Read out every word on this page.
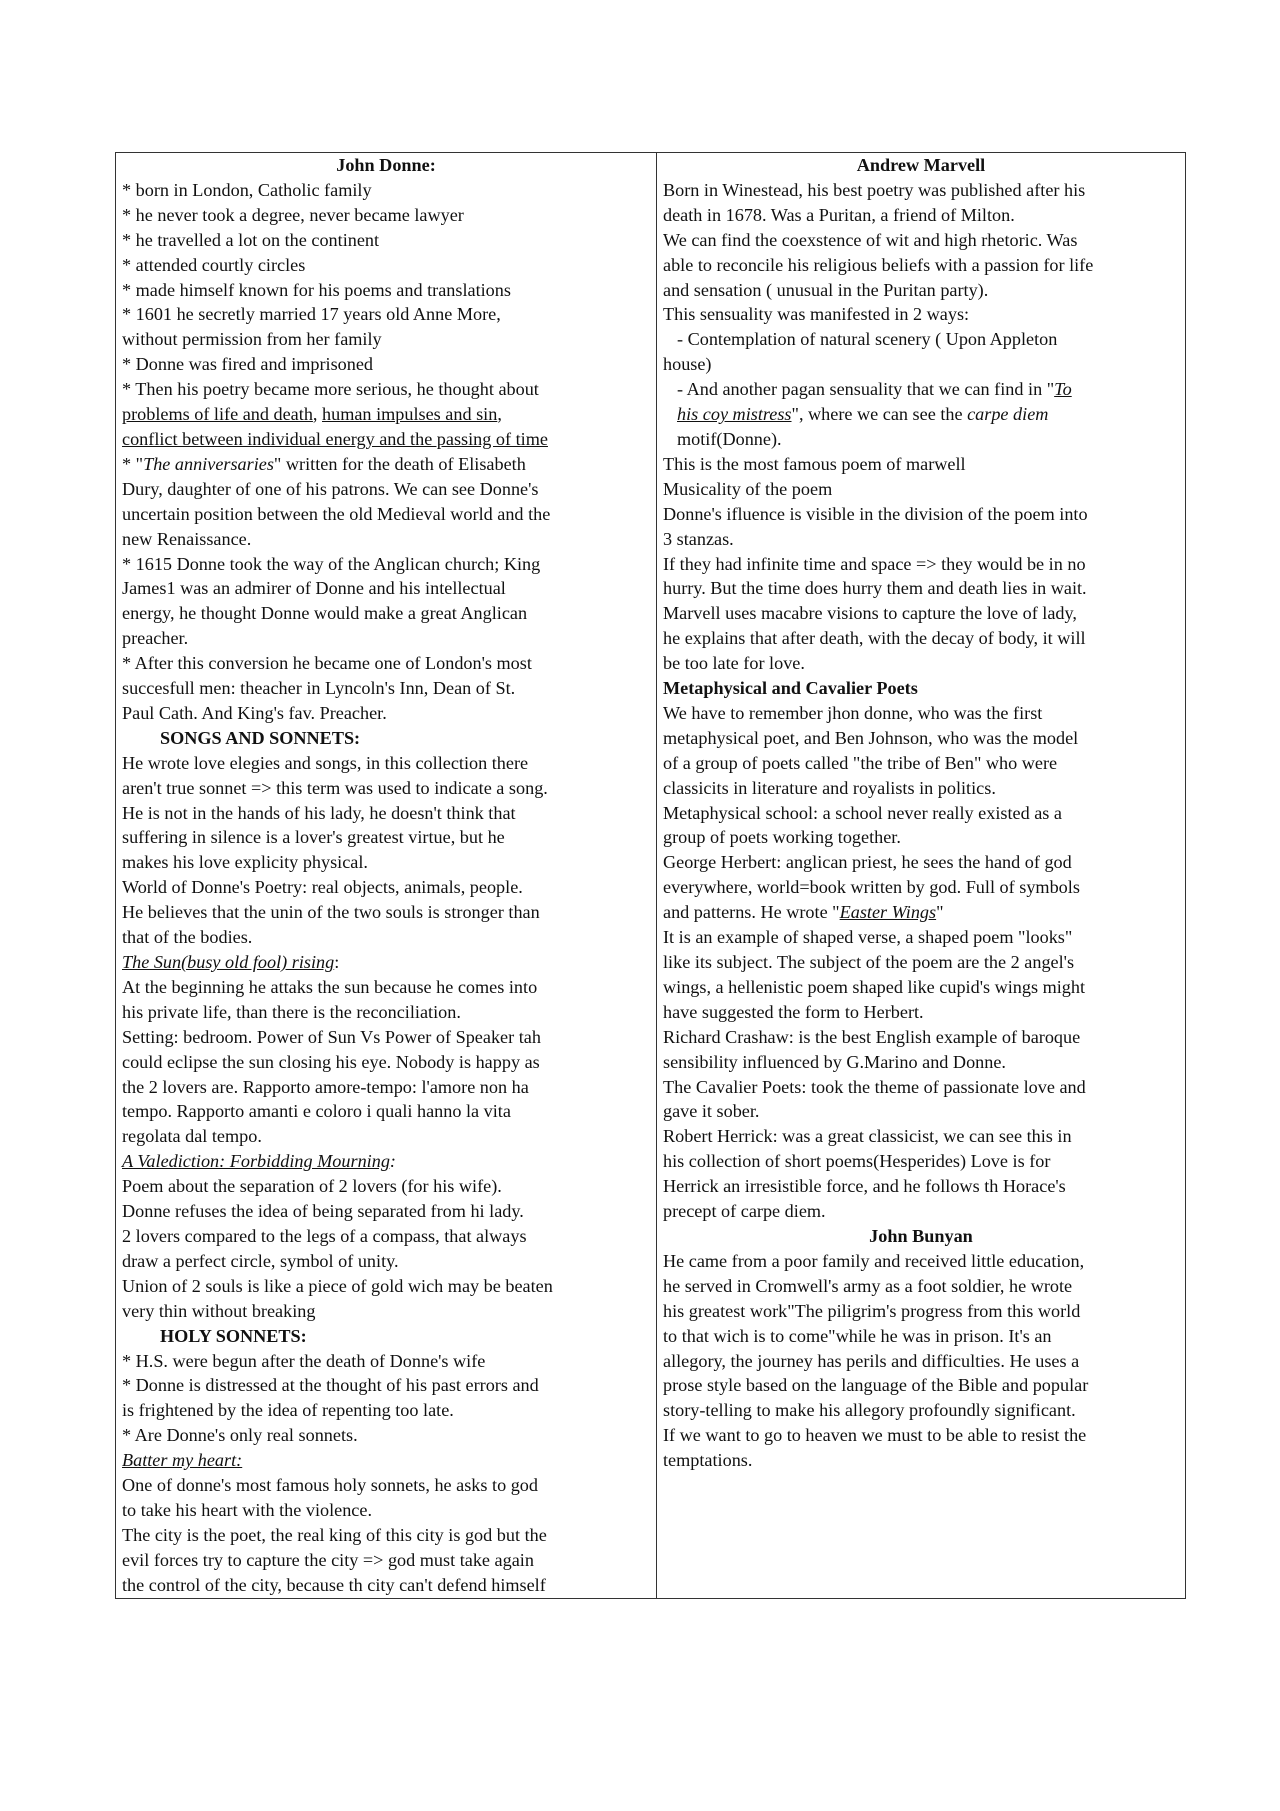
John Donne:
* born in London, Catholic family
* he never took a degree, never became lawyer
* he travelled a lot on the continent
* attended courtly circles
* made himself known for his poems and translations
* 1601 he secretly married 17 years old Anne More,
without permission from her family
* Donne was fired and imprisoned
* Then his poetry became more serious, he thought about
problems of life and death, human impulses and sin,
conflict between individual energy and the passing of time
* "The anniversaries" written for the death of Elisabeth
Dury, daughter of one of his patrons. We can see Donne's
uncertain position between the old Medieval world and the
new Renaissance.
* 1615 Donne took the way of the Anglican church; King
James1 was an admirer of Donne and his intellectual
energy, he thought Donne would make a great Anglican
preacher.
* After this conversion he became one of London's most
succesfull men: theacher in Lyncoln's Inn, Dean of St.
Paul Cath. And King's fav. Preacher.
SONGS AND SONNETS:
He wrote love elegies and songs, in this collection there
aren't true sonnet => this term was used to indicate a song.
He is not in the hands of his lady, he doesn't think that
suffering in silence is a lover's greatest virtue, but he
makes his love explicity physical.
World of Donne's Poetry: real objects, animals, people.
He believes that the unin of the two souls is stronger than
that of the bodies.
The Sun(busy old fool) rising:
At the beginning he attaks the sun because he comes into
his private life, than there is the reconciliation.
Setting: bedroom. Power of Sun Vs Power of Speaker tah
could eclipse the sun closing his eye. Nobody is happy as
the 2 lovers are. Rapporto amore-tempo: l'amore non ha
tempo. Rapporto amanti e coloro i quali hanno la vita
regolata dal tempo.
A Valediction: Forbidding Mourning:
Poem about the separation of 2 lovers (for his wife).
Donne refuses the idea of being separated from hi lady.
2 lovers compared to the legs of a compass, that always
draw a perfect circle, symbol of unity.
Union of 2 souls is like a piece of gold wich may be beaten
very thin without breaking
HOLY SONNETS:
* H.S. were begun after the death of Donne's wife
* Donne is distressed at the thought of his past errors and
is frightened by the idea of repenting too late.
* Are Donne's only real sonnets.
Batter my heart:
One of donne's most famous holy sonnets, he asks to god
to take his heart with the violence.
The city is the poet, the real king of this city is god but the
evil forces try to capture the city => god must take again
the control of the city, because th city can't defend himself

Andrew Marvell
Born in Winestead, his best poetry was published after his
death in 1678. Was a Puritan, a friend of Milton.
We can find the coexstence of wit and high rhetoric. Was
able to reconcile his religious beliefs with a passion for life
and sensation ( unusual in the Puritan party).
This sensuality was manifested in 2 ways:
- Contemplation of natural scenery ( Upon Appleton
house)
- And another pagan sensuality that we can find in "To
his coy mistress", where we can see the carpe diem
motif(Donne).
This is the most famous poem of marwell
Musicality of the poem
Donne's ifluence is visible in the division of the poem into
3 stanzas.
If they had infinite time and space => they would be in no
hurry. But the time does hurry them and death lies in wait.
Marvell uses macabre visions to capture the love of lady,
he explains that after death, with the decay of body, it will
be too late for love.
Metaphysical and Cavalier Poets
We have to remember jhon donne, who was the first
metaphysical poet, and Ben Johnson, who was the model
of a group of poets called "the tribe of Ben" who were
classicits in literature and royalists in politics.
Metaphysical school: a school never really existed as a
group of poets working together.
George Herbert: anglican priest, he sees the hand of god
everywhere, world=book written by god. Full of symbols
and patterns. He wrote "Easter Wings"
It is an example of shaped verse, a shaped poem "looks"
like its subject. The subject of the poem are the 2 angel's
wings, a hellenistic poem shaped like cupid's wings might
have suggested the form to Herbert.
Richard Crashaw: is the best English example of baroque
sensibility influenced by G.Marino and Donne.
The Cavalier Poets: took the theme of passionate love and
gave it sober.
Robert Herrick: was a great classicist, we can see this in
his collection of short poems(Hesperides) Love is for
Herrick an irresistible force, and he follows th Horace's
precept of carpe diem.
John Bunyan
He came from a poor family and received little education,
he served in Cromwell's army as a foot soldier, he wrote
his greatest work"The piligrim's progress from this world
to that wich is to come"while he was in prison. It's an
allegory, the journey has perils and difficulties. He uses a
prose style based on the language of the Bible and popular
story-telling to make his allegory profoundly significant.
If we want to go to heaven we must to be able to resist the
temptations.
